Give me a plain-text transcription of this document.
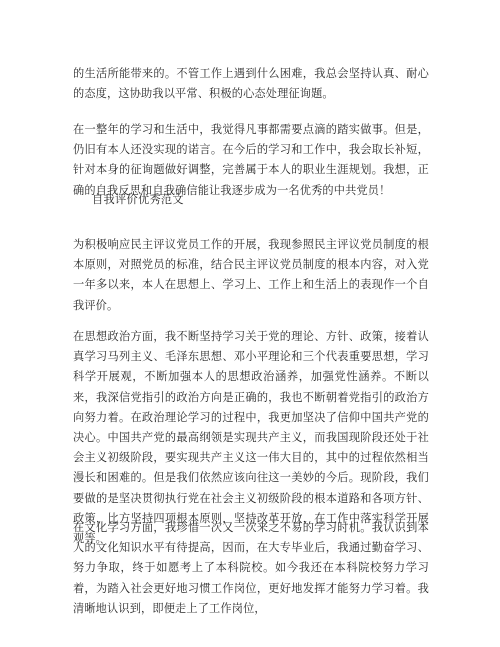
的生活所能带来的。不管工作上遇到什么困难，我总会坚持认真、耐心的态度，这协助我以平常、积极的心态处理征询题。

在一整年的学习和生活中，我觉得凡事都需要点滴的踏实做事。但是，仍旧有本人还没实现的诺言。在今后的学习和工作中，我会取长补短，针对本身的征询题做好调整，完善属于本人的职业生涯规划。我想，正确的自我反思和自我确信能让我逐步成为一名优秀的中共党员！

自我评价优秀范文

为积极响应民主评议党员工作的开展，我现参照民主评议党员制度的根本原则，对照党员的标准，结合民主评议党员制度的根本内容，对入党一年多以来，本人在思想上、学习上、工作上和生活上的表现作一个自我评价。

在思想政治方面，我不断坚持学习关于党的理论、方针、政策，接着认真学习马列主义、毛泽东思想、邓小平理论和三个代表重要思想，学习科学开展观，不断加强本人的思想政治涵养，加强党性涵养。不断以来，我深信党指引的政治方向是正确的，我也不断朝着党指引的政治方向努力着。在政治理论学习的过程中，我更加坚决了信仰中国共产党的决心。中国共产党的最高纲领是实现共产主义，而我国现阶段还处于社会主义初级阶段，要实现共产主义这一伟大目的，其中的过程依然相当漫长和困难的。但是我们依然应该向往这一美妙的今后。现阶段，我们要做的是坚决贯彻执行党在社会主义初级阶段的根本道路和各项方针、政策，比方坚持四项根本原则，坚持改革开放，在工作中落实科学开展观等。

在文化学习方面，我珍惜一次又一次来之不易的学习时机。我认识到本人的文化知识水平有待提高，因而，在大专毕业后，我通过勤奋学习、努力争取，终于如愿考上了本科院校。如今我还在本科院校努力学习着，为踏入社会更好地习惯工作岗位，更好地发挥才能努力学习着。我清晰地认识到，即便走上了工作岗位，
